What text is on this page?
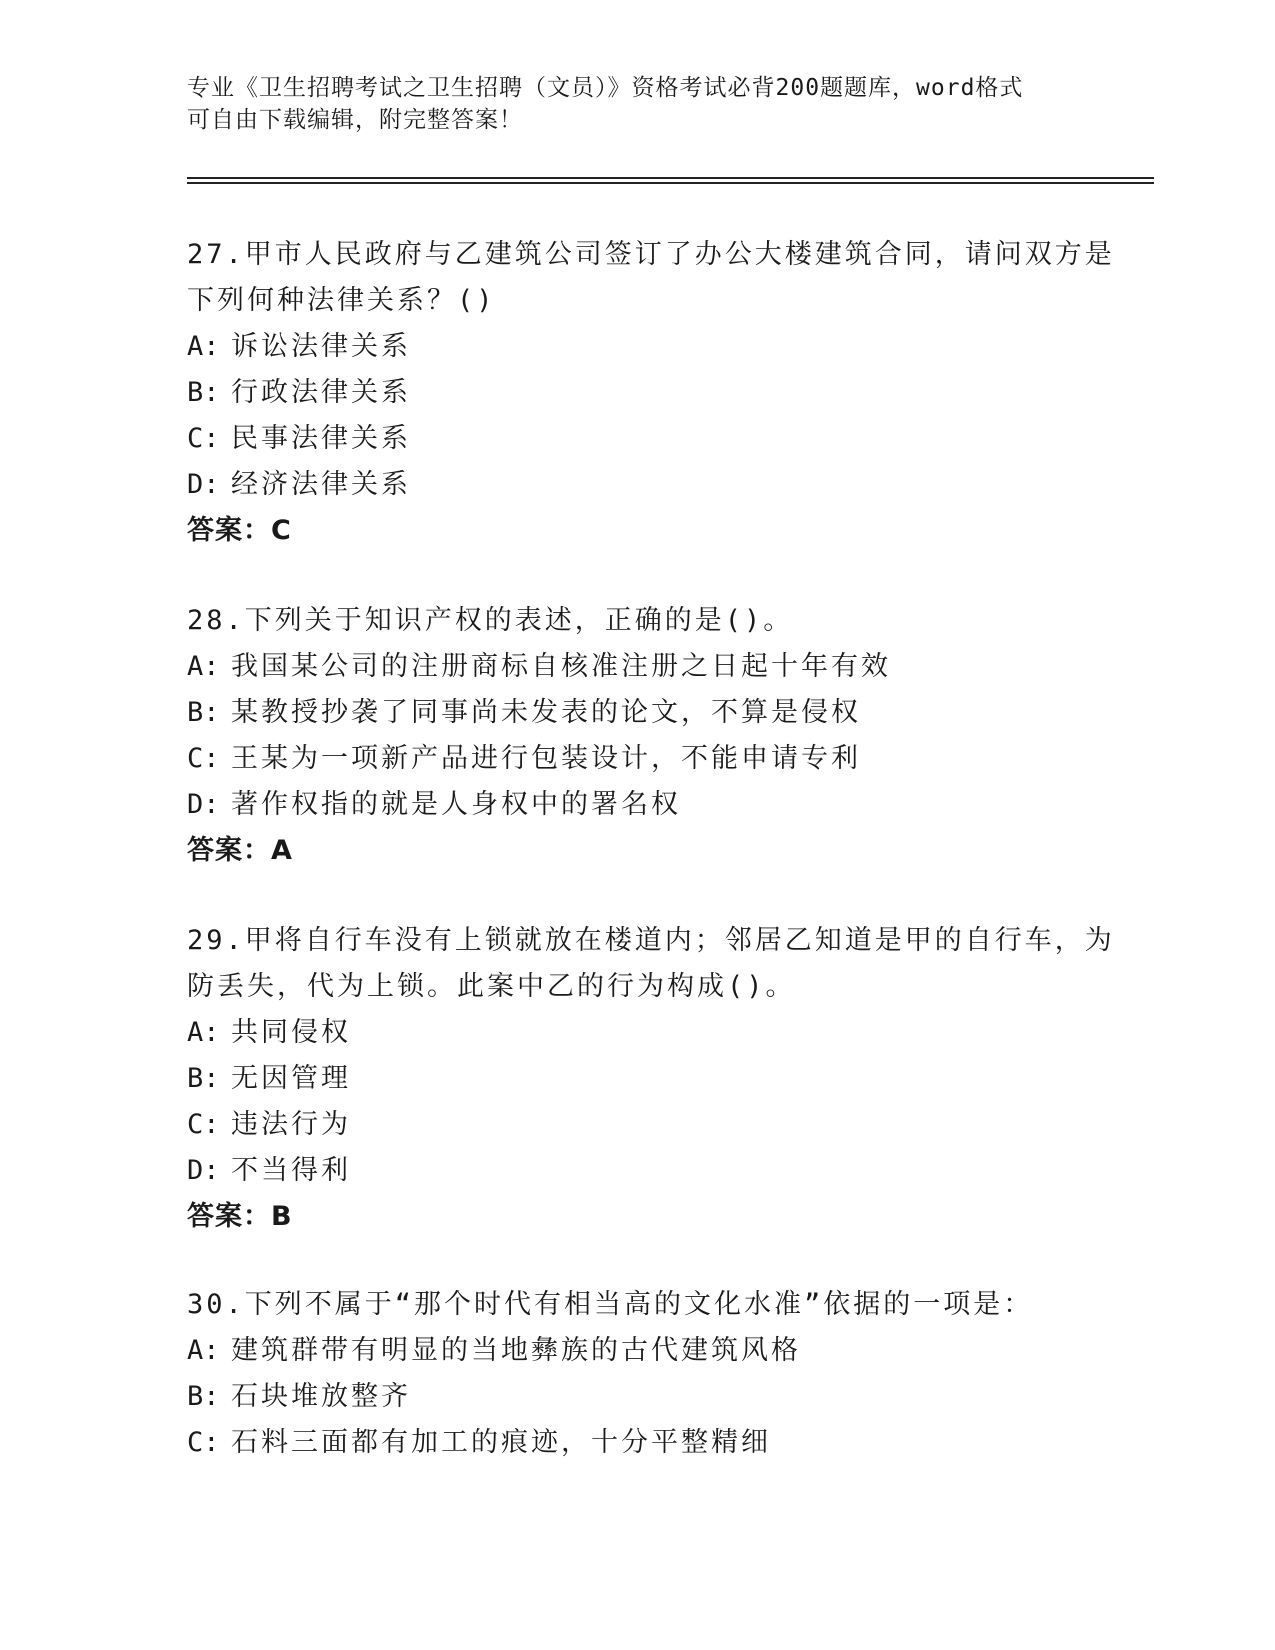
专业《卫生招聘考试之卫生招聘（文员）》资格考试必背200题题库，word格式
可自由下载编辑，附完整答案！
27.甲市人民政府与乙建筑公司签订了办公大楼建筑合同，请问双方是
下列何种法律关系？()
A: 诉讼法律关系
B: 行政法律关系
C: 民事法律关系
D: 经济法律关系
答案：C
28.下列关于知识产权的表述，正确的是()。
A: 我国某公司的注册商标自核准注册之日起十年有效
B: 某教授抄袭了同事尚未发表的论文，不算是侵权
C: 王某为一项新产品进行包装设计，不能申请专利
D: 著作权指的就是人身权中的署名权
答案：A
29.甲将自行车没有上锁就放在楼道内；邻居乙知道是甲的自行车，为
防丢失，代为上锁。此案中乙的行为构成()。
A: 共同侵权
B: 无因管理
C: 违法行为
D: 不当得利
答案：B
30.下列不属于“那个时代有相当高的文化水准”依据的一项是：
A: 建筑群带有明显的当地彝族的古代建筑风格
B: 石块堆放整齐
C: 石料三面都有加工的痕迹，十分平整精细
